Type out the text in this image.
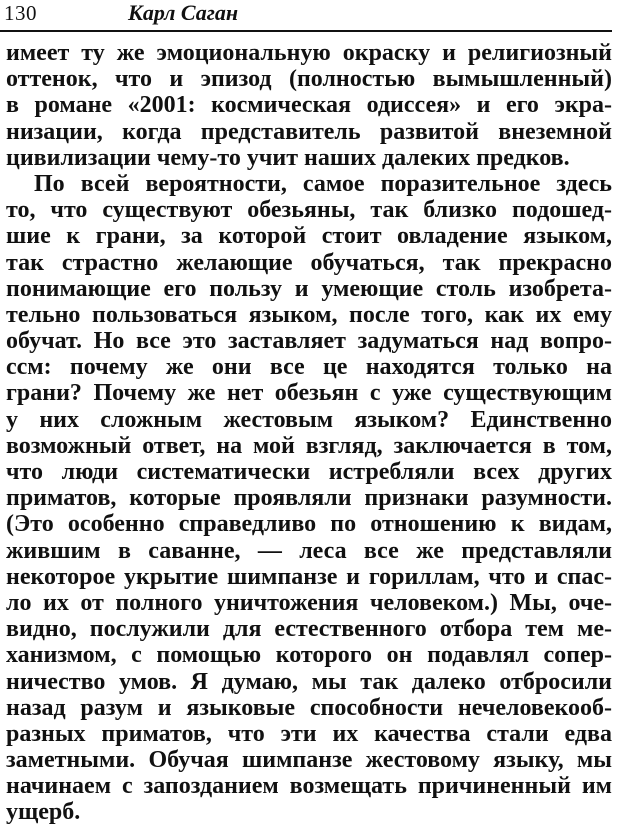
130	Карл Саган
имеет ту же эмоциональную окраску и религиозный
оттенок, что и эпизод (полностью вымышленный)
в романе «2001: космическая одиссея» и его экра-
низации, когда представитель развитой внеземной
цивилизации чему-то учит наших далеких предков.
По всей вероятности, самое поразительное здесь
то, что существуют обезьяны, так близко подошед-
шие к грани, за которой стоит овладение языком,
так страстно желающие обучаться, так прекрасно
понимающие его пользу и умеющие столь изобрета-
тельно пользоваться языком, после того, как их ему
обучат. Но все это заставляет задуматься над вопро-
ссм: почему же они все це находятся только на
грани? Почему же нет обезьян с уже существующим
у них сложным жестовым языком? Единственно
возможный ответ, на мой взгляд, заключается в том,
что люди систематически истребляли всех других
приматов, которые проявляли признаки разумности.
(Это особенно справедливо по отношению к видам,
жившим в саванне, — леса все же представляли
некоторое укрытие шимпанзе и гориллам, что и спас-
ло их от полного уничтожения человеком.) Мы, оче-
видно, послужили для естественного отбора тем ме-
ханизмом, с помощью которого он подавлял сопер-
ничество умов. Я думаю, мы так далеко отбросили
назад разум и языковые способности нечеловекооб-
разных приматов, что эти их качества стали едва
заметными. Обучая шимпанзе жестовому языку, мы
начинаем с запозданием возмещать причиненный им
ущерб.
